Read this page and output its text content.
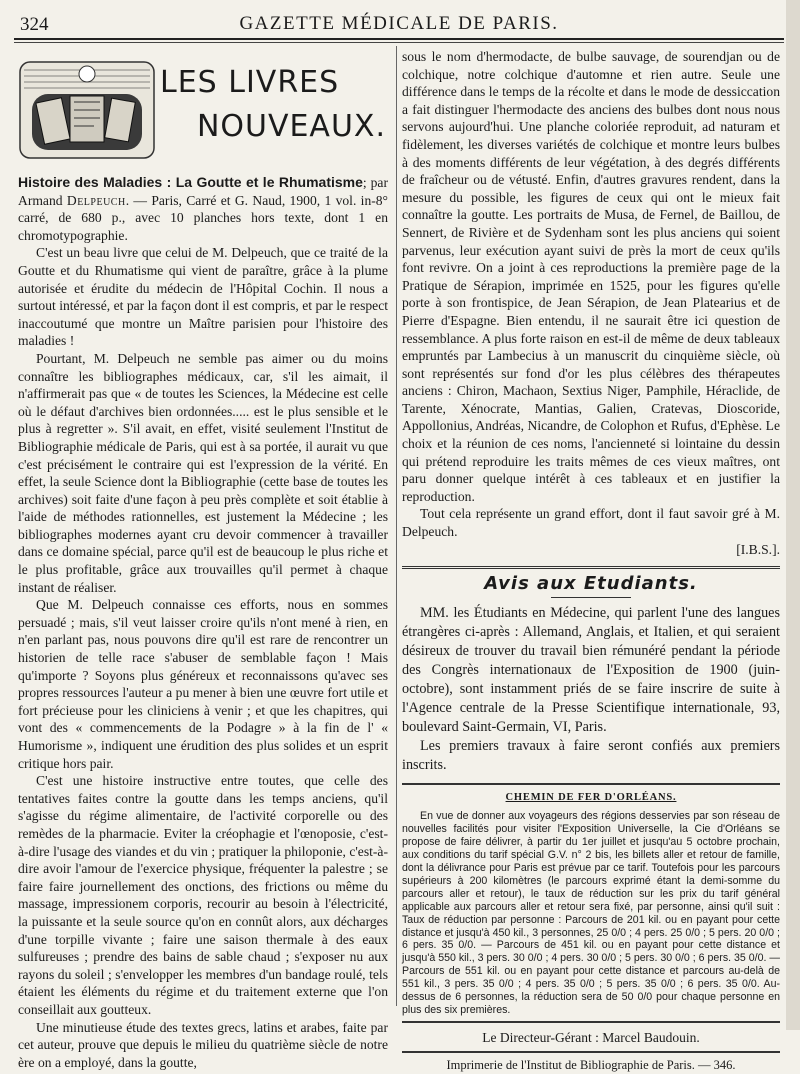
324	GAZETTE MÉDICALE DE PARIS.
LES LIVRES
NOUVEAUX.

Histoire des Maladies : La Goutte et le Rhumatisme; par Armand Delpeuch. — Paris, Carré et G. Naud, 1900, 1 vol. in-8° carré, de 680 p., avec 10 planches hors texte, dont 1 en chromotypographie.

C'est un beau livre que celui de M. Delpeuch, que ce traité de la Goutte et du Rhumatisme qui vient de paraître, grâce à la plume autorisée et érudite du médecin de l'Hôpital Cochin. Il nous a surtout intéressé, et par la façon dont il est compris, et par le respect inaccoutumé que montre un Maître parisien pour l'histoire des maladies !

Pourtant, M. Delpeuch ne semble pas aimer ou du moins connaître les bibliographes médicaux, car, s'il les aimait, il n'affirmerait pas que « de toutes les Sciences, la Médecine est celle où le défaut d'archives bien ordonnées..... est le plus sensible et le plus à regretter ». S'il avait, en effet, visité seulement l'Institut de Bibliographie médicale de Paris, qui est à sa portée, il aurait vu que c'est précisément le contraire qui est l'expression de la vérité. En effet, la seule Science dont la Bibliographie (cette base de toutes les archives) soit faite d'une façon à peu près complète et soit établie à l'aide de méthodes rationnelles, est justement la Médecine ; les bibliographes modernes ayant cru devoir commencer à travailler dans ce domaine spécial, parce qu'il est de beaucoup le plus riche et le plus profitable, grâce aux trouvailles qu'il permet à chaque instant de réaliser.

Que M. Delpeuch connaisse ces efforts, nous en sommes persuadé ; mais, s'il veut laisser croire qu'ils n'ont mené à rien, en n'en parlant pas, nous pouvons dire qu'il est rare de rencontrer un historien de telle race s'abuser de semblable façon ! Mais qu'importe ? Soyons plus généreux et reconnaissons qu'avec ses propres ressources l'auteur a pu mener à bien une œuvre fort utile et fort précieuse pour les cliniciens à venir ; et que les chapitres, qui vont des « commencements de la Podagre » à la fin de l' « Humorisme », indiquent une érudition des plus solides et un esprit critique hors pair.

C'est une histoire instructive entre toutes, que celle des tentatives faites contre la goutte dans les temps anciens, qu'il s'agisse du régime alimentaire, de l'activité corporelle ou des remèdes de la pharmacie. Eviter la créophagie et l'œnoposie, c'est-à-dire l'usage des viandes et du vin ; pratiquer la philoponie, c'est-à-dire avoir l'amour de l'exercice physique, fréquenter la palestre ; se faire faire journellement des onctions, des frictions ou même du massage, impressionem corporis, recourir au besoin à l'électricité, la puissante et la seule source qu'on en connût alors, aux décharges d'une torpille vivante ; faire une saison thermale à des eaux sulfureuses ; prendre des bains de sable chaud ; s'exposer nu aux rayons du soleil ; s'envelopper les membres d'un bandage roulé, tels étaient les éléments du régime et du traitement externe que l'on conseillait aux goutteux.

Une minutieuse étude des textes grecs, latins et arabes, faite par cet auteur, prouve que depuis le milieu du quatrième siècle de notre ère on a employé, dans la goutte,

sous le nom d'hermodacte, de bulbe sauvage, de sourendjan ou de colchique, notre colchique d'automne et rien autre. Seule une différence dans le temps de la récolte et dans le mode de dessiccation a fait distinguer l'hermodacte des anciens des bulbes dont nous nous servons aujourd'hui. Une planche coloriée reproduit, ad naturam et fidèlement, les diverses variétés de colchique et montre leurs bulbes à des moments différents de leur végétation, à des degrés différents de fraîcheur ou de vétusté. Enfin, d'autres gravures rendent, dans la mesure du possible, les figures de ceux qui ont le mieux fait connaître la goutte. Les portraits de Musa, de Fernel, de Baillou, de Sennert, de Rivière et de Sydenham sont les plus anciens qui soient parvenus, leur exécution ayant suivi de près la mort de ceux qu'ils font revivre. On a joint à ces reproductions la première page de la Pratique de Sérapion, imprimée en 1525, pour les figures qu'elle porte à son frontispice, de Jean Sérapion, de Jean Platearius et de Pierre d'Espagne. Bien entendu, il ne saurait être ici question de ressemblance. A plus forte raison en est-il de même de deux tableaux empruntés par Lambecius à un manuscrit du cinquième siècle, où sont représentés sur fond d'or les plus célèbres des thérapeutes anciens : Chiron, Machaon, Sextius Niger, Pamphile, Héraclide, de Tarente, Xénocrate, Mantias, Galien, Cratevas, Dioscoride, Appollonius, Andréas, Nicandre, de Colophon et Rufus, d'Ephèse. Le choix et la réunion de ces noms, l'ancienneté si lointaine du dessin qui prétend reproduire les traits mêmes de ces vieux maîtres, ont paru donner quelque intérêt à ces tableaux et en justifier la reproduction.

Tout cela représente un grand effort, dont il faut savoir gré à M. Delpeuch.

[I.B.S.].

Avis aux Etudiants.

MM. les Étudiants en Médecine, qui parlent l'une des langues étrangères ci-après : Allemand, Anglais, et Italien, et qui seraient désireux de trouver du travail bien rémunéré pendant la période des Congrès internationaux de l'Exposition de 1900 (juin-octobre), sont instamment priés de se faire inscrire de suite à l'Agence centrale de la Presse Scientifique internationale, 93, boulevard Saint-Germain, VI, Paris.

Les premiers travaux à faire seront confiés aux premiers inscrits.

CHEMIN DE FER D'ORLÉANS.

En vue de donner aux voyageurs des régions desservies par son réseau de nouvelles facilités pour visiter l'Exposition Universelle, la Cie d'Orléans se propose de faire délivrer, à partir du 1er juillet et jusqu'au 5 octobre prochain, aux conditions du tarif spécial G.V. n° 2 bis, les billets aller et retour de famille, dont la délivrance pour Paris est prévue par ce tarif. Toutefois pour les parcours supérieurs à 200 kilomètres (le parcours exprimé étant la demi-somme du parcours aller et retour), le taux de réduction sur les prix du tarif général applicable aux parcours aller et retour sera fixé, par personne, ainsi qu'il suit : Taux de réduction par personne : Parcours de 201 kil. ou en payant pour cette distance et jusqu'à 450 kil., 3 personnes, 25 0/0 ; 4 pers. 25 0/0 ; 5 pers. 20 0/0 ; 6 pers. 35 0/0. — Parcours de 451 kil. ou en payant pour cette distance et jusqu'à 550 kil., 3 pers. 30 0/0 ; 4 pers. 30 0/0 ; 5 pers. 30 0/0 ; 6 pers. 35 0/0. — Parcours de 551 kil. ou en payant pour cette distance et parcours au-delà de 551 kil., 3 pers. 35 0/0 ; 4 pers. 35 0/0 ; 5 pers. 35 0/0 ; 6 pers. 35 0/0. Au-dessus de 6 personnes, la réduction sera de 50 0/0 pour chaque personne en plus des six premières.

Le Directeur-Gérant : Marcel Baudouin.
Imprimerie de l'Institut de Bibliographie de Paris. — 346.
